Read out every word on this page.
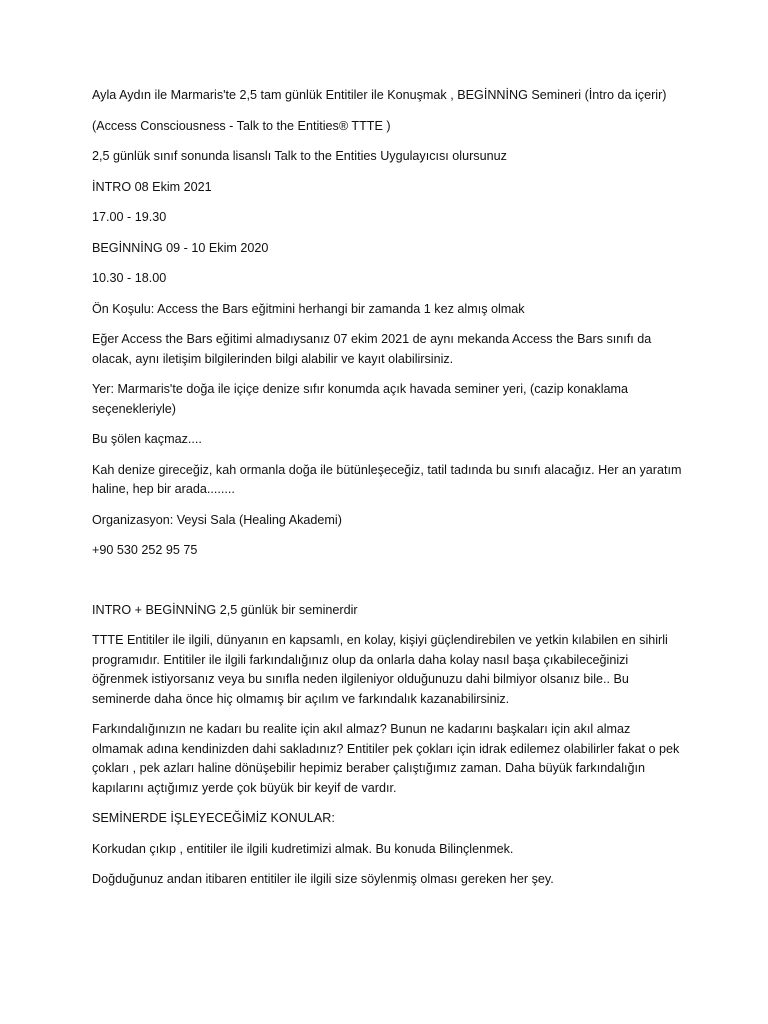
Ayla Aydın ile Marmaris'te 2,5 tam günlük Entitiler ile Konuşmak , BEGİNNİNG Semineri (İntro da içerir)

(Access Consciousness - Talk to the Entities® TTTE )

2,5 günlük sınıf sonunda lisanslı Talk to the Entities Uygulayıcısı olursunuz

İNTRO 08 Ekim 2021

17.00 - 19.30

BEGİNNİNG 09 - 10 Ekim 2020

10.30 - 18.00

Ön Koşulu: Access the Bars eğitmini herhangi bir zamanda 1 kez almış olmak

Eğer Access the Bars eğitimi almadıysanız 07 ekim 2021 de aynı mekanda Access the Bars sınıfı da olacak, aynı iletişim bilgilerinden bilgi alabilir ve kayıt olabilirsiniz.

Yer: Marmaris'te doğa ile içiçe denize sıfır konumda açık havada seminer yeri, (cazip konaklama seçenekleriyle)

Bu şölen kaçmaz....

Kah denize gireceğiz, kah ormanla doğa ile bütünleşeceğiz, tatil tadında bu sınıfı alacağız. Her an yaratım haline, hep bir arada........

Organizasyon: Veysi Sala (Healing Akademi)

+90 530 252 95 75

INTRO + BEGİNNİNG 2,5 günlük bir seminerdir

TTTE Entitiler ile ilgili, dünyanın en kapsamlı, en kolay, kişiyi güçlendirebilen ve yetkin kılabilen en sihirli programıdır. Entitiler ile ilgili farkındalığınız olup da onlarla daha kolay nasıl başa çıkabileceğinizi öğrenmek istiyorsanız veya bu sınıfla neden ilgileniyor olduğunuzu dahi bilmiyor olsanız bile.. Bu seminerde daha önce hiç olmamış bir açılım ve farkındalık kazanabilirsiniz.

Farkındalığınızın ne kadarı bu realite için akıl almaz? Bunun ne kadarını başkaları için akıl almaz olmamak adına kendinizden dahi sakladınız? Entitiler pek çokları için idrak edilemez olabilirler fakat o pek çokları , pek azları haline dönüşebilir hepimiz beraber çalıştığımız zaman. Daha büyük farkındalığın kapılarını açtığımız yerde çok büyük bir keyif de vardır.

SEMİNERDE İŞLEYECEĞİMİZ KONULAR:

Korkudan çıkıp , entitiler ile ilgili kudretimizi almak. Bu konuda Bilinçlenmek.

Doğduğunuz andan itibaren entitiler ile ilgili size söylenmiş olması gereken her şey.
